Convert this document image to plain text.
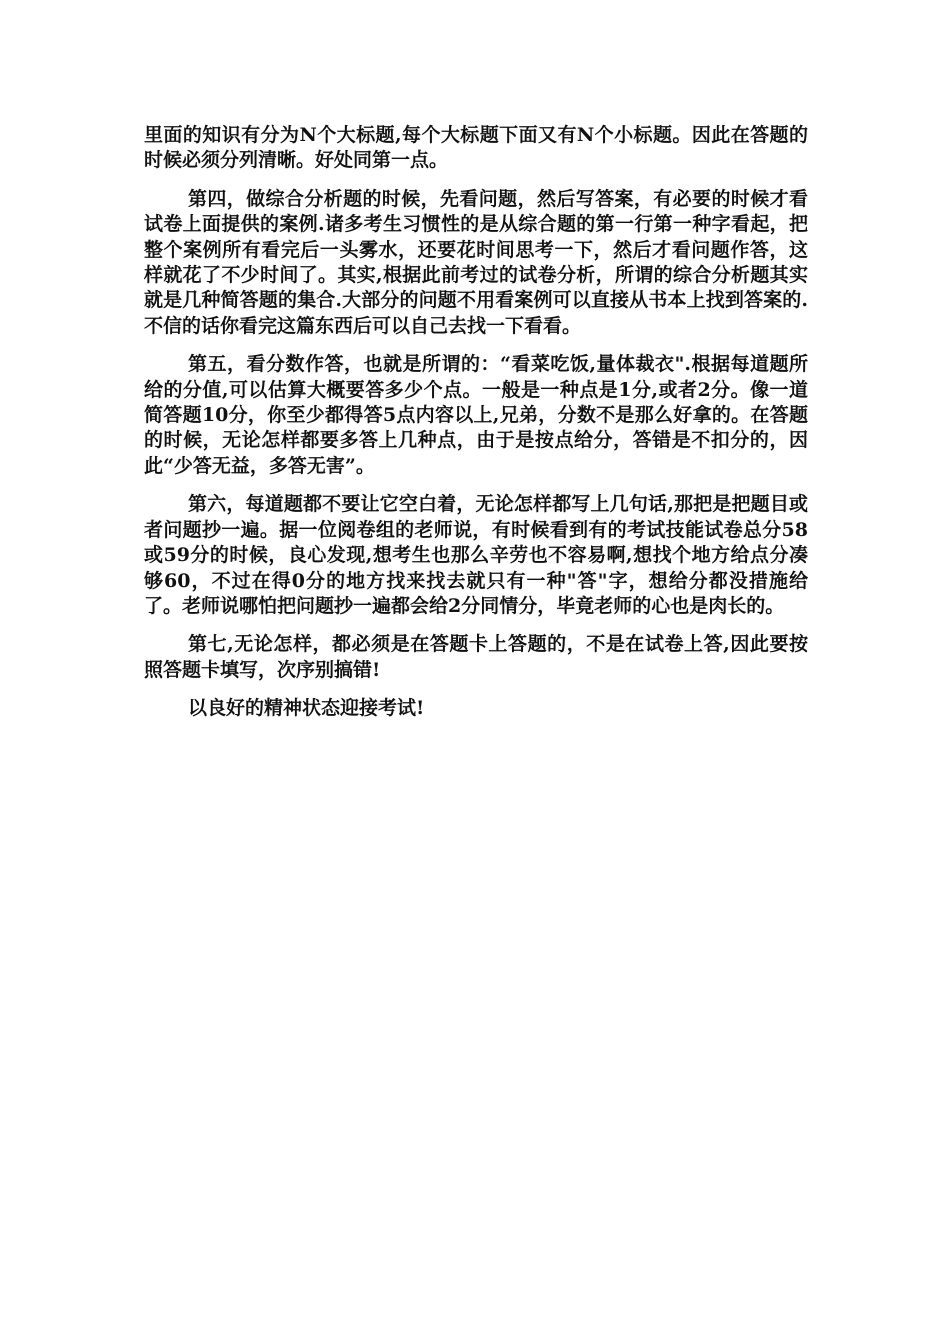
里面的知识有分为N个大标题,每个大标题下面又有N个小标题。因此在答题的时候必须分列清晰。好处同第一点。

第四，做综合分析题的时候，先看问题，然后写答案，有必要的时候才看试卷上面提供的案例.诸多考生习惯性的是从综合题的第一行第一种字看起，把整个案例所有看完后一头雾水，还要花时间思考一下，然后才看问题作答，这样就花了不少时间了。其实,根据此前考过的试卷分析，所谓的综合分析题其实就是几种简答题的集合.大部分的问题不用看案例可以直接从书本上找到答案的.不信的话你看完这篇东西后可以自己去找一下看看。

第五，看分数作答，也就是所谓的：“看菜吃饭,量体裁衣".根据每道题所给的分值,可以估算大概要答多少个点。一般是一种点是1分,或者2分。像一道简答题10分，你至少都得答5点内容以上,兄弟，分数不是那么好拿的。在答题的时候，无论怎样都要多答上几种点，由于是按点给分，答错是不扣分的，因此“少答无益，多答无害”。

第六，每道题都不要让它空白着，无论怎样都写上几句话,那把是把题目或者问题抄一遍。据一位阅卷组的老师说，有时候看到有的考试技能试卷总分58或59分的时候，良心发现,想考生也那么辛劳也不容易啊,想找个地方给点分凑够60，不过在得0分的地方找来找去就只有一种"答"字，想给分都没措施给了。老师说哪怕把问题抄一遍都会给2分同情分，毕竟老师的心也是肉长的。

第七,无论怎样，都必须是在答题卡上答题的，不是在试卷上答,因此要按照答题卡填写，次序别搞错!

以良好的精神状态迎接考试!
